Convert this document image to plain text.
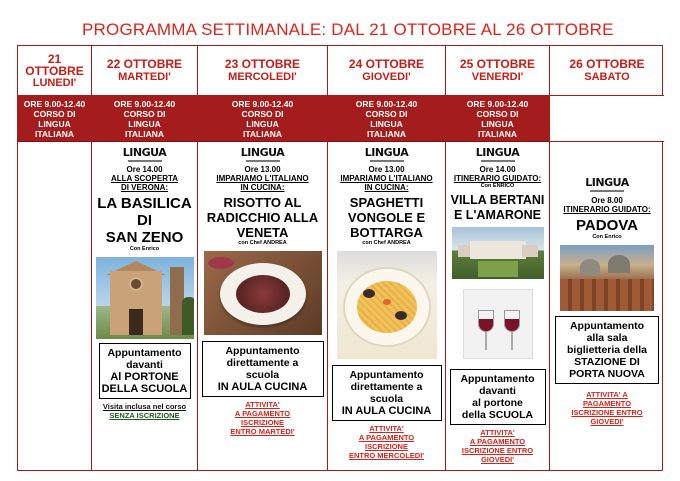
PROGRAMMA SETTIMANALE: DAL 21 OTTOBRE AL 26 OTTOBRE
21 OTTOBRE
LUNEDI'
ORE 9.00-12.40
CORSO DI
LINGUA
ITALIANA
22 OTTOBRE
MARTEDI'
ORE 9.00-12.40
CORSO DI
LINGUA
ITALIANA
LINGUA
Ore 14.00
ALLA SCOPERTA
DI VERONA:
LA BASILICA DI
SAN ZENO
Con Enrico
Appuntamento
davanti
Al PORTONE
DELLA SCUOLA
Visita inclusa nel corso
SENZA ISCRIZIONE
23 OTTOBRE
MERCOLEDI'
ORE 9.00-12.40
CORSO DI
LINGUA
ITALIANA
LINGUA
Ore 13.00
IMPARIAMO L'ITALIANO
IN CUCINA:
RISOTTO AL
RADICCHIO ALLA
VENETA
con Chef ANDREA
Appuntamento
direttamente a
scuola
IN AULA CUCINA
ATTIVITA'
A PAGAMENTO
ISCRIZIONE
ENTRO MARTEDI'
24 OTTOBRE
GIOVEDI'
ORE 9.00-12.40
CORSO DI
LINGUA
ITALIANA
LINGUA
Ore 13.00
IMPARIAMO L'ITALIANO
IN CUCINA:
SPAGHETTI
VONGOLE E
BOTTARGA
con Chef ANDREA
Appuntamento
direttamente a
scuola
IN AULA CUCINA
ATTIVITA'
A PAGAMENTO
ISCRIZIONE
ENTRO MERCOLEDI'
25 OTTOBRE
VENERDI'
ORE 9.00-12.40
CORSO DI
LINGUA
ITALIANA
LINGUA
Ore 14.00
ITINERARIO GUIDATO:
Con ENRICO
VILLA BERTANI
E L'AMARONE
Appuntamento
davanti
al portone
della SCUOLA
ATTIVITA'
A PAGAMENTO
ISCRIZIONE ENTRO
GIOVEDI'
26 OTTOBRE
SABATO
LINGUA
Ore 8.00
ITINERARIO GUIDATO:
PADOVA
Con Enrico
Appuntamento
alla sala
biglietteria della
STAZIONE DI
PORTA NUOVA
ATTIVITA' A
PAGAMENTO
ISCRIZIONE ENTRO
GIOVEDI'
